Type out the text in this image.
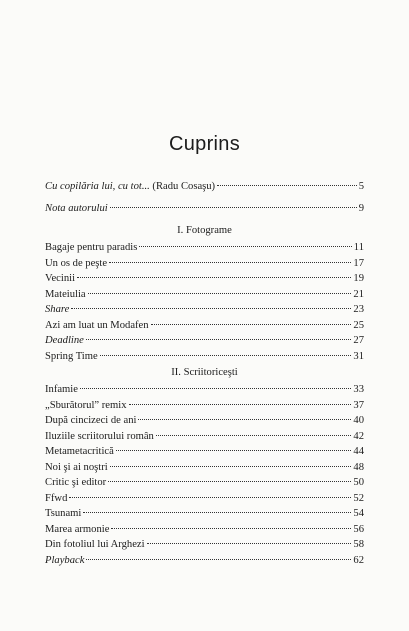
Cuprins
Cu copilăria lui, cu tot... (Radu Cosaşu)	5
Nota autorului	9
I. Fotograme
Bagaje pentru paradis	11
Un os de peşte	17
Vecinii	19
Mateiulia	21
Share	23
Azi am luat un Modafen	25
Deadline	27
Spring Time	31
II. Scriitoriceşti
Infamie	33
„Sburătorul” remix	37
După cincizeci de ani	40
Iluziile scriitorului român	42
Metametacritică	44
Noi şi ai noştri	48
Critic şi editor	50
Ffwd	52
Tsunami	54
Marea armonie	56
Din fotoliul lui Arghezi	58
Playback	62
